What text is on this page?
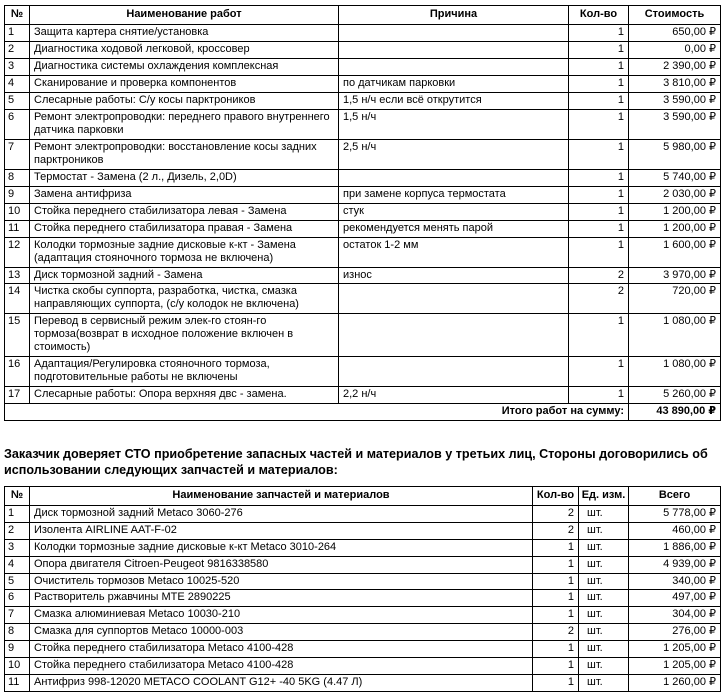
№	Наименование работ	Причина	Кол-во	Стоимость
1	Защита картера снятие/установка		1	650,00 ₽
2	Диагностика ходовой легковой, кроссовер		1	0,00 ₽
3	Диагностика системы охлаждения комплексная		1	2 390,00 ₽
4	Сканирование и проверка компонентов	по датчикам парковки	1	3 810,00 ₽
5	Слесарные работы: С/у косы парктроников	1,5 н/ч если всё открутится	1	3 590,00 ₽
6	Ремонт электропроводки: переднего правого внутреннего датчика парковки	1,5 н/ч	1	3 590,00 ₽
7	Ремонт электропроводки: восстановление косы задних парктроников	2,5 н/ч	1	5 980,00 ₽
8	Термостат - Замена (2 л., Дизель, 2,0D)		1	5 740,00 ₽
9	Замена антифриза	при замене корпуса термостата	1	2 030,00 ₽
10	Стойка переднего стабилизатора левая - Замена	стук	1	1 200,00 ₽
11	Стойка переднего стабилизатора правая - Замена	рекомендуется менять парой	1	1 200,00 ₽
12	Колодки тормозные задние дисковые к-кт - Замена (адаптация стояночного тормоза не включена)	остаток 1-2 мм	1	1 600,00 ₽
13	Диск тормозной задний - Замена	износ	2	3 970,00 ₽
14	Чистка скобы суппорта, разработка, чистка, смазка направляющих суппорта, (с/у колодок не включена)		2	720,00 ₽
15	Перевод в сервисный режим элек-го стоян-го тормоза(возврат в исходное положение включен в стоимость)		1	1 080,00 ₽
16	Адаптация/Регулировка стояночного тормоза, подготовительные работы не включены		1	1 080,00 ₽
17	Слесарные работы: Опора верхняя двс - замена.	2,2 н/ч	1	5 260,00 ₽
Итого работ на сумму:				43 890,00 ₽
Заказчик доверяет СТО приобретение запасных частей и материалов у третьих лиц, Стороны договорились об использовании следующих запчастей и материалов:
№	Наименование запчастей и материалов	Кол-во	Ед. изм.	Всего
1	Диск тормозной задний Metaco 3060-276	2	шт.	5 778,00 ₽
2	Изолента AIRLINE AAT-F-02	2	шт.	460,00 ₽
3	Колодки тормозные задние дисковые к-кт Metaco 3010-264	1	шт.	1 886,00 ₽
4	Опора двигателя Citroen-Peugeot 9816338580	1	шт.	4 939,00 ₽
5	Очиститель тормозов Metaco 10025-520	1	шт.	340,00 ₽
6	Растворитель ржавчины MTE 2890225	1	шт.	497,00 ₽
7	Смазка алюминиевая Metaco 10030-210	1	шт.	304,00 ₽
8	Смазка для суппортов Metaco 10000-003	2	шт.	276,00 ₽
9	Стойка переднего стабилизатора Metaco 4100-428	1	шт.	1 205,00 ₽
10	Стойка переднего стабилизатора Metaco 4100-428	1	шт.	1 205,00 ₽
11	Антифриз 998-12020 METACO COOLANT G12+ -40 5KG (4.47 Л)	1	шт.	1 260,00 ₽
